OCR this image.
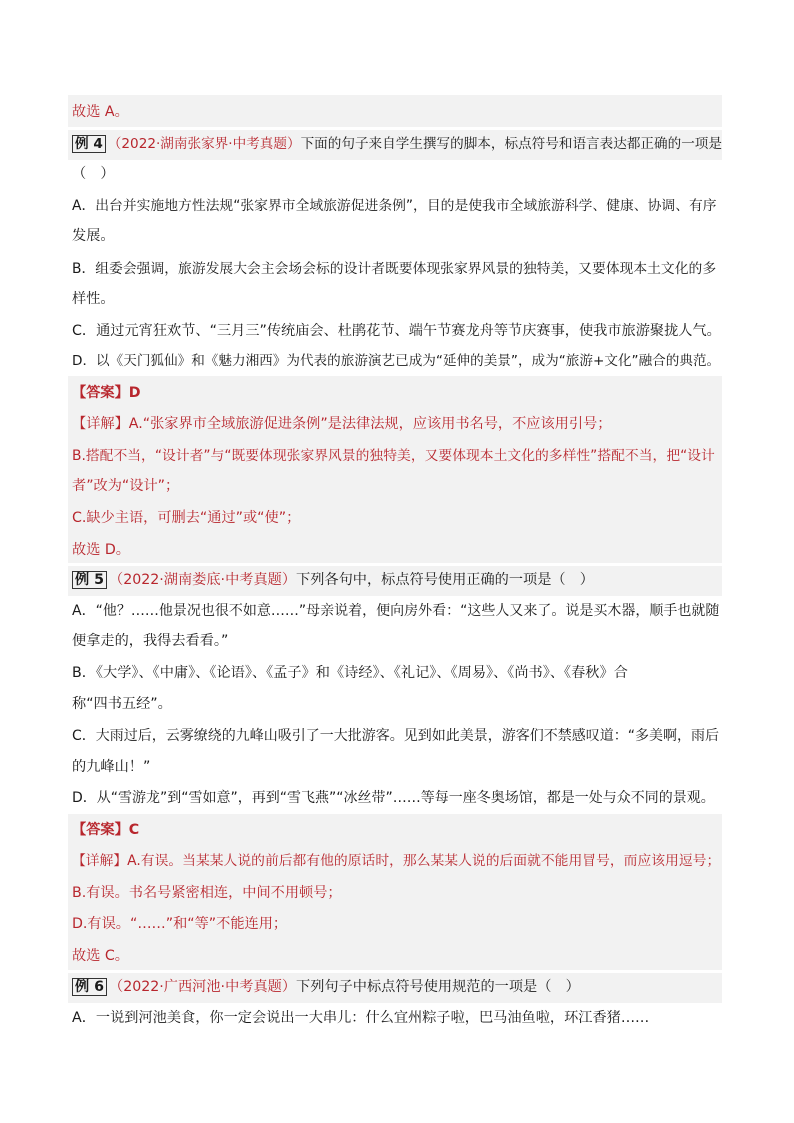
故选 A。
例 4 （2022·湖南张家界·中考真题）下面的句子来自学生撰写的脚本，标点符号和语言表达都正确的一项是
（　）
A．出台并实施地方性法规“张家界市全域旅游促进条例”，目的是使我市全域旅游科学、健康、协调、有序
发展。
B．组委会强调，旅游发展大会主会场会标的设计者既要体现张家界风景的独特美，又要体现本土文化的多
样性。
C．通过元宵狂欢节、“三月三”传统庙会、杜鹃花节、端午节赛龙舟等节庆赛事，使我市旅游聚拢人气。
D．以《天门狐仙》和《魅力湘西》为代表的旅游演艺已成为“延伸的美景”，成为“旅游+文化”融合的典范。
【答案】D
【详解】A.“张家界市全域旅游促进条例”是法律法规，应该用书名号，不应该用引号；
B.搭配不当，“设计者”与“既要体现张家界风景的独特美，又要体现本土文化的多样性”搭配不当，把“设计
者”改为“设计”；
C.缺少主语，可删去“通过”或“使”；
故选 D。
例 5 （2022·湖南娄底·中考真题）下列各句中，标点符号使用正确的一项是（　）
A．“他？……他景况也很不如意……”母亲说着，便向房外看：“这些人又来了。说是买木器，顺手也就随
便拿走的，我得去看看。”
B．《大学》、《中庸》、《论语》、《孟子》和《诗经》、《礼记》、《周易》、《尚书》、《春秋》合
称“四书五经”。
C．大雨过后，云雾缭绕的九峰山吸引了一大批游客。见到如此美景，游客们不禁感叹道：“多美啊，雨后
的九峰山！”
D．从“雪游龙”到“雪如意”，再到“雪飞燕”“冰丝带”……等每一座冬奥场馆，都是一处与众不同的景观。
【答案】C
【详解】A.有误。当某某人说的前后都有他的原话时，那么某某人说的后面就不能用冒号，而应该用逗号；
B.有误。书名号紧密相连，中间不用顿号；
D.有误。“……”和“等”不能连用；
故选 C。
例 6 （2022·广西河池·中考真题）下列句子中标点符号使用规范的一项是（　）
A．一说到河池美食，你一定会说出一大串儿：什么宜州粽子啦，巴马油鱼啦，环江香猪……
